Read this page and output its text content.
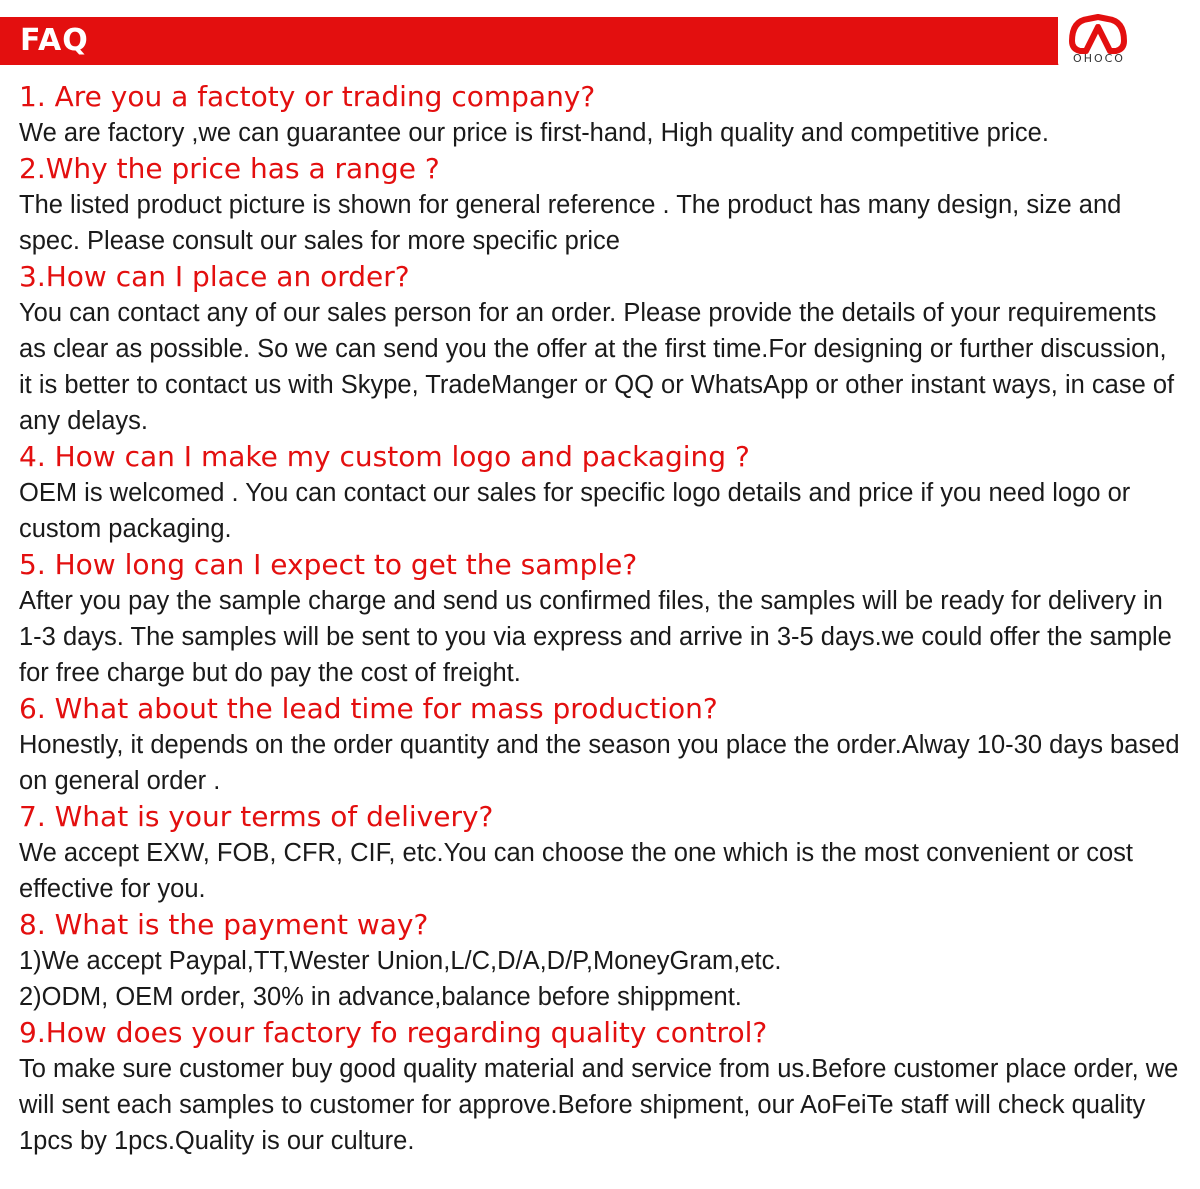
FAQ
OHOCO

1. Are you a factoty or trading company?

We are factory ,we can guarantee our price is first-hand, High quality and competitive price.

2.Why the price has a range ?

The listed product picture is shown for general reference . The product has many design, size and spec. Please consult our sales for more specific price

3.How can I place an order?

You can contact any of our sales person for an order. Please provide the details of your requirements as clear as possible. So we can send you the offer at the first time.For designing or further discussion, it is better to contact us with Skype, TradeManger or QQ or WhatsApp or other instant ways, in case of any delays.

4. How can I make my custom logo and packaging ?

OEM is welcomed . You can contact our sales for specific logo details and price if you need logo or custom packaging.

5. How long can I expect to get the sample?

After you pay the sample charge and send us confirmed files, the samples will be ready for delivery in 1-3 days. The samples will be sent to you via express and arrive in 3-5 days.we could offer the sample for free charge but do pay the cost of freight.

6. What about the lead time for mass production?

Honestly, it depends on the order quantity and the season you place the order.Alway 10-30 days based on general order .

7. What is your terms of delivery?

We accept EXW, FOB, CFR, CIF, etc.You can choose the one which is the most convenient or cost effective for you.

8. What is the payment way?

1)We accept Paypal,TT,Wester Union,L/C,D/A,D/P,MoneyGram,etc.

2)ODM, OEM order, 30% in advance,balance before shippment.

9.How does your factory fo regarding quality control?

To make sure customer buy good quality material and service from us.Before customer place order, we will sent each samples to customer for approve.Before shipment, our AoFeiTe staff will check quality 1pcs by 1pcs.Quality is our culture.
